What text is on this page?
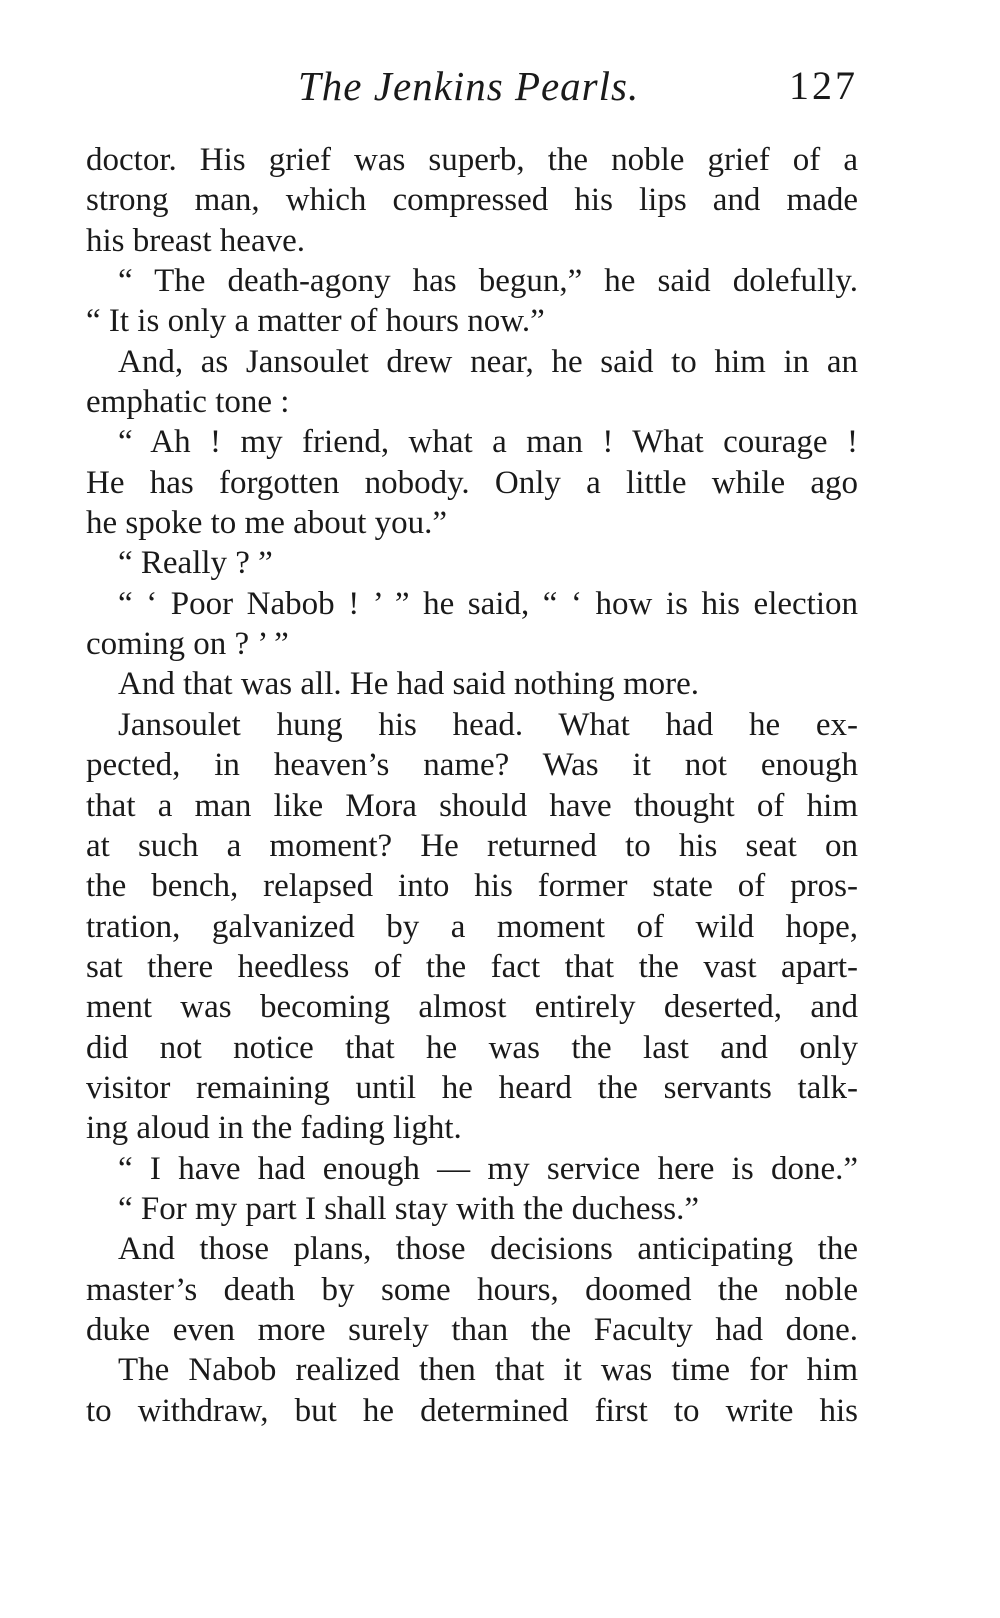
The Jenkins Pearls.	127
doctor. His grief was superb, the noble grief of a
strong man, which compressed his lips and made
his breast heave.
“ The death-agony has begun,” he said dolefully.
“ It is only a matter of hours now.”
And, as Jansoulet drew near, he said to him in an
emphatic tone :
“ Ah ! my friend, what a man ! What courage !
He has forgotten nobody. Only a little while ago
he spoke to me about you.”
“ Really ? ”
“ ‘ Poor Nabob ! ’ ” he said, “ ‘ how is his election
coming on ? ’ ”
And that was all. He had said nothing more.
Jansoulet hung his head. What had he ex-
pected, in heaven’s name? Was it not enough
that a man like Mora should have thought of him
at such a moment? He returned to his seat on
the bench, relapsed into his former state of pros-
tration, galvanized by a moment of wild hope,
sat there heedless of the fact that the vast apart-
ment was becoming almost entirely deserted, and
did not notice that he was the last and only
visitor remaining until he heard the servants talk-
ing aloud in the fading light.
“ I have had enough — my service here is done.”
“ For my part I shall stay with the duchess.”
And those plans, those decisions anticipating the
master’s death by some hours, doomed the noble
duke even more surely than the Faculty had done.
The Nabob realized then that it was time for him
to withdraw, but he determined first to write his
